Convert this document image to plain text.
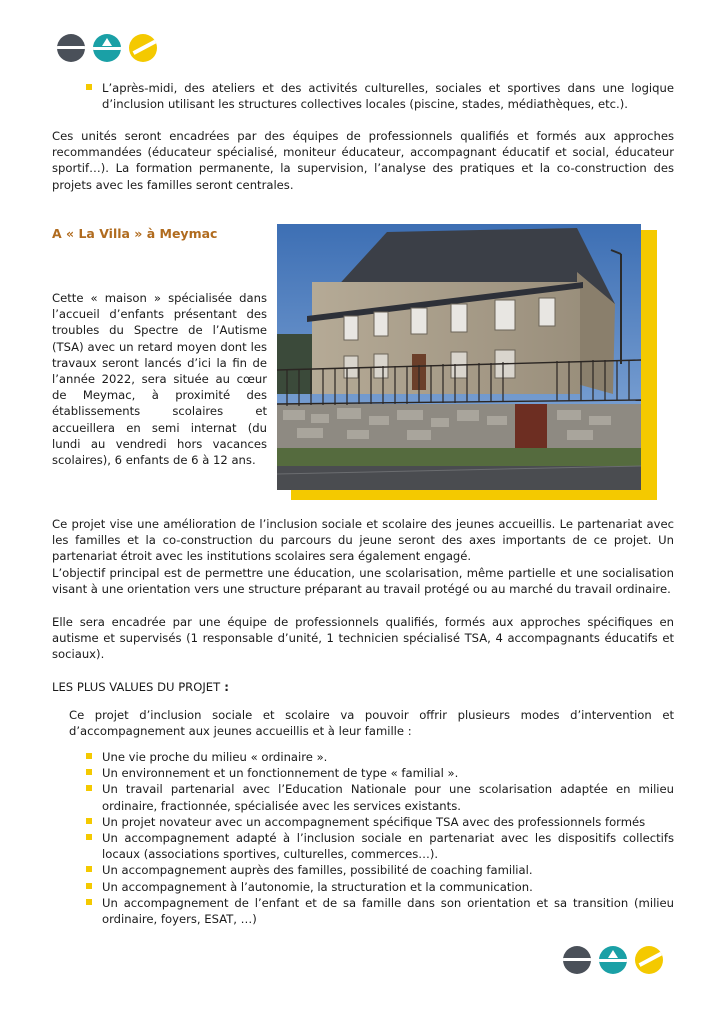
L’après-midi, des ateliers et des activités culturelles, sociales et sportives dans une logique d’inclusion utilisant les structures collectives locales (piscine, stades, médiathèques, etc.).
Ces unités seront encadrées par des équipes de professionnels qualifiés et formés aux approches recommandées (éducateur spécialisé, moniteur éducateur, accompagnant éducatif et social, éducateur sportif…). La formation permanente, la supervision, l’analyse des pratiques et la co-construction des projets avec les familles seront centrales.
A « La Villa » à Meymac
Cette « maison » spécialisée dans l’accueil d’enfants présentant des troubles du Spectre de l’Autisme (TSA) avec un retard moyen dont les travaux seront lancés d’ici la fin de l’année 2022, sera située au cœur de Meymac, à proximité des établissements scolaires et accueillera en semi internat (du lundi au vendredi hors vacances scolaires), 6 enfants de 6 à 12 ans.
Ce projet vise une amélioration de l’inclusion sociale et scolaire des jeunes accueillis. Le partenariat avec les familles et la co-construction du parcours du jeune seront des axes importants de ce projet. Un partenariat étroit avec les institutions scolaires sera également engagé.
L’objectif principal est de permettre une éducation, une scolarisation, même partielle et une socialisation visant à une orientation vers une structure préparant au travail protégé ou au marché du travail ordinaire.
Elle sera encadrée par une équipe de professionnels qualifiés, formés aux approches spécifiques en autisme et supervisés (1 responsable d’unité, 1 technicien spécialisé TSA, 4 accompagnants éducatifs et sociaux).
LES PLUS VALUES DU PROJET :
Ce projet d’inclusion sociale et scolaire va pouvoir offrir plusieurs modes d’intervention et d’accompagnement aux jeunes accueillis et à leur famille :
Une vie proche du milieu « ordinaire ».
Un environnement et un fonctionnement de type « familial ».
Un travail partenarial avec l’Education Nationale pour une scolarisation adaptée en milieu ordinaire, fractionnée, spécialisée avec les services existants.
Un projet novateur avec un accompagnement spécifique TSA avec des professionnels formés
Un accompagnement adapté à l’inclusion sociale en partenariat avec les dispositifs collectifs locaux (associations sportives, culturelles, commerces…).
Un accompagnement auprès des familles, possibilité de coaching familial.
Un accompagnement à l’autonomie, la structuration et la communication.
Un accompagnement de l’enfant et de sa famille dans son orientation et sa transition (milieu ordinaire, foyers, ESAT, …)
